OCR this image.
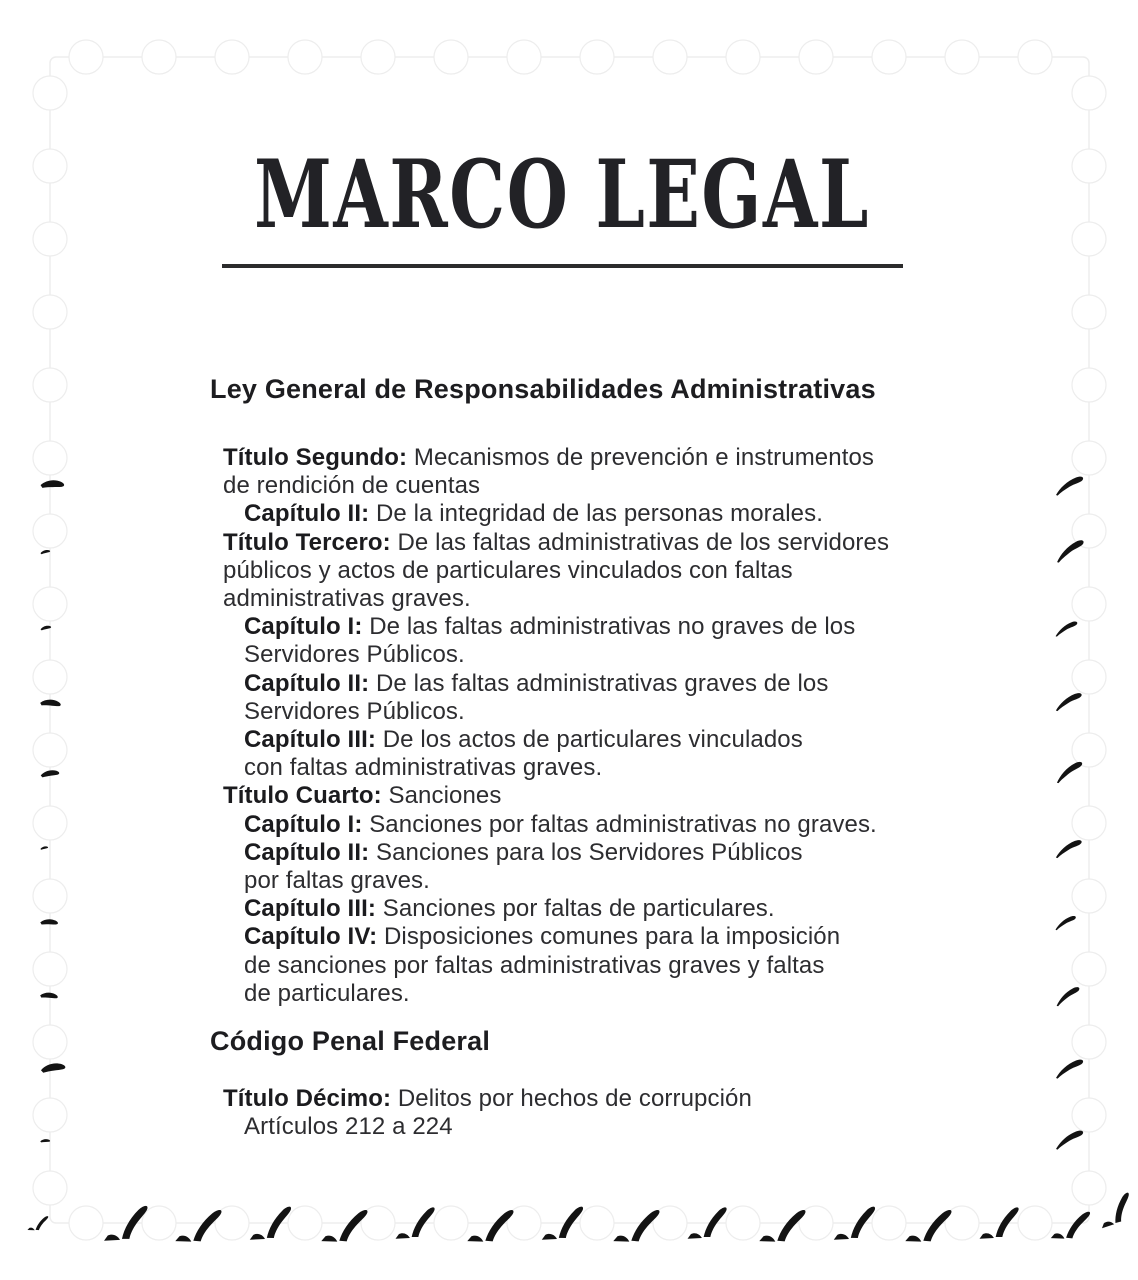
MARCO LEGAL
Ley General de Responsabilidades Administrativas
Título Segundo: Mecanismos de prevención e instrumentos
de rendición de cuentas
Capítulo II: De la integridad de las personas morales.
Título Tercero: De las faltas administrativas de los servidores
públicos y actos de particulares vinculados con faltas
administrativas graves.
Capítulo I: De las faltas administrativas no graves de los
Servidores Públicos.
Capítulo II: De las faltas administrativas graves de los
Servidores Públicos.
Capítulo III: De los actos de particulares vinculados
con faltas administrativas graves.
Título Cuarto: Sanciones
Capítulo I: Sanciones por faltas administrativas no graves.
Capítulo II: Sanciones para los Servidores Públicos
por faltas graves.
Capítulo III: Sanciones por faltas de particulares.
Capítulo IV: Disposiciones comunes para la imposición
de sanciones por faltas administrativas graves y faltas
de particulares.
Código Penal Federal
Título Décimo: Delitos por hechos de corrupción
Artículos 212 a 224
